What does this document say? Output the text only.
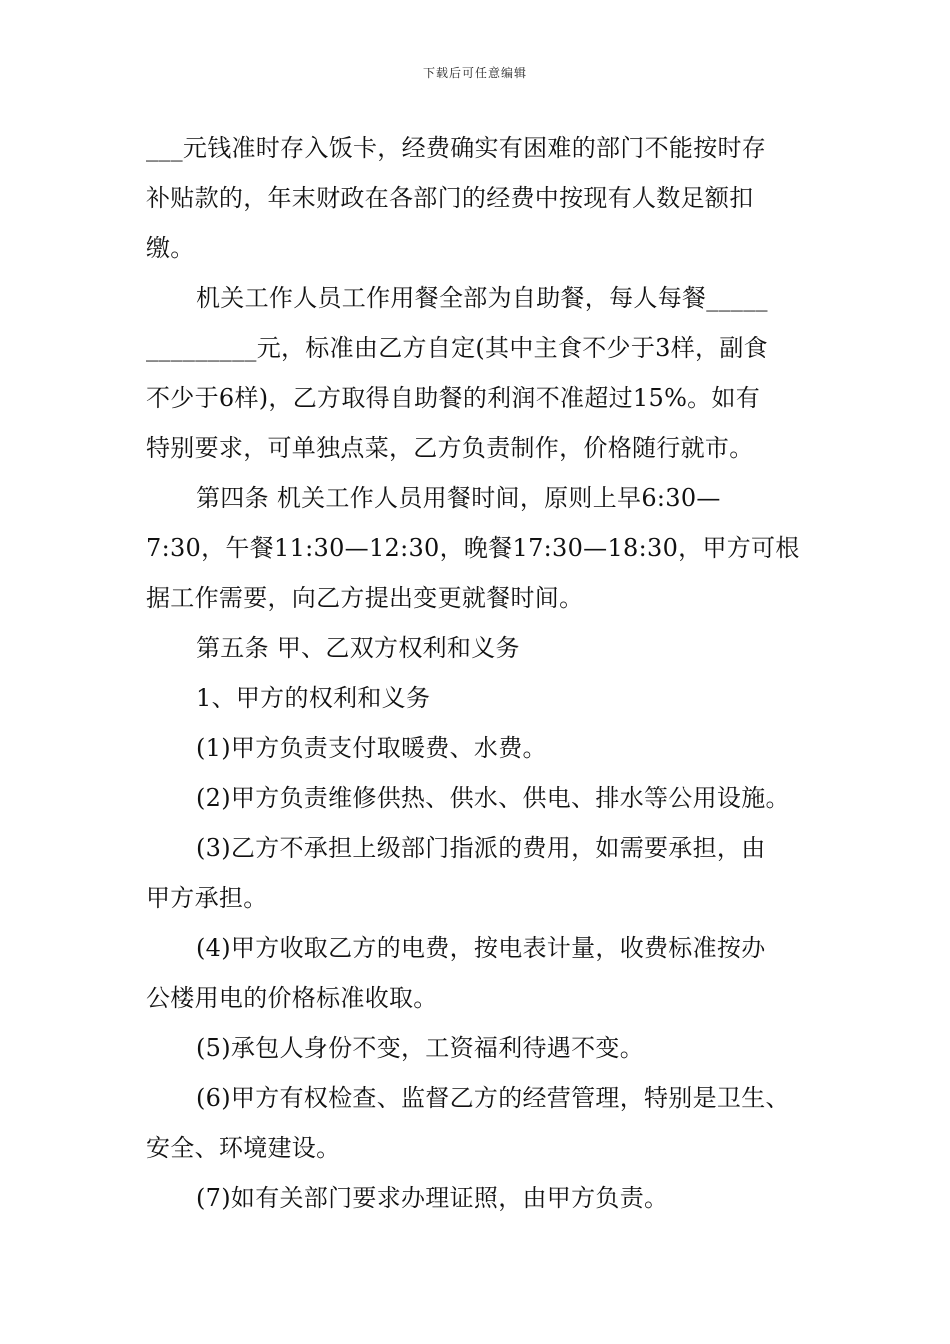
下载后可任意编辑
___元钱准时存入饭卡，经费确实有困难的部门不能按时存
补贴款的，年末财政在各部门的经费中按现有人数足额扣
缴。
机关工作人员工作用餐全部为自助餐，每人每餐_____
_________元，标准由乙方自定(其中主食不少于3样，副食
不少于6样)，乙方取得自助餐的利润不准超过15%。如有
特别要求，可单独点菜，乙方负责制作，价格随行就市。
第四条 机关工作人员用餐时间，原则上早6:30—
7:30，午餐11:30—12:30，晚餐17:30—18:30，甲方可根
据工作需要，向乙方提出变更就餐时间。
第五条 甲、乙双方权利和义务
1、甲方的权利和义务
(1)甲方负责支付取暖费、水费。
(2)甲方负责维修供热、供水、供电、排水等公用设施。
(3)乙方不承担上级部门指派的费用，如需要承担，由
甲方承担。
(4)甲方收取乙方的电费，按电表计量，收费标准按办
公楼用电的价格标准收取。
(5)承包人身份不变，工资福利待遇不变。
(6)甲方有权检查、监督乙方的经营管理，特别是卫生、
安全、环境建设。
(7)如有关部门要求办理证照，由甲方负责。
